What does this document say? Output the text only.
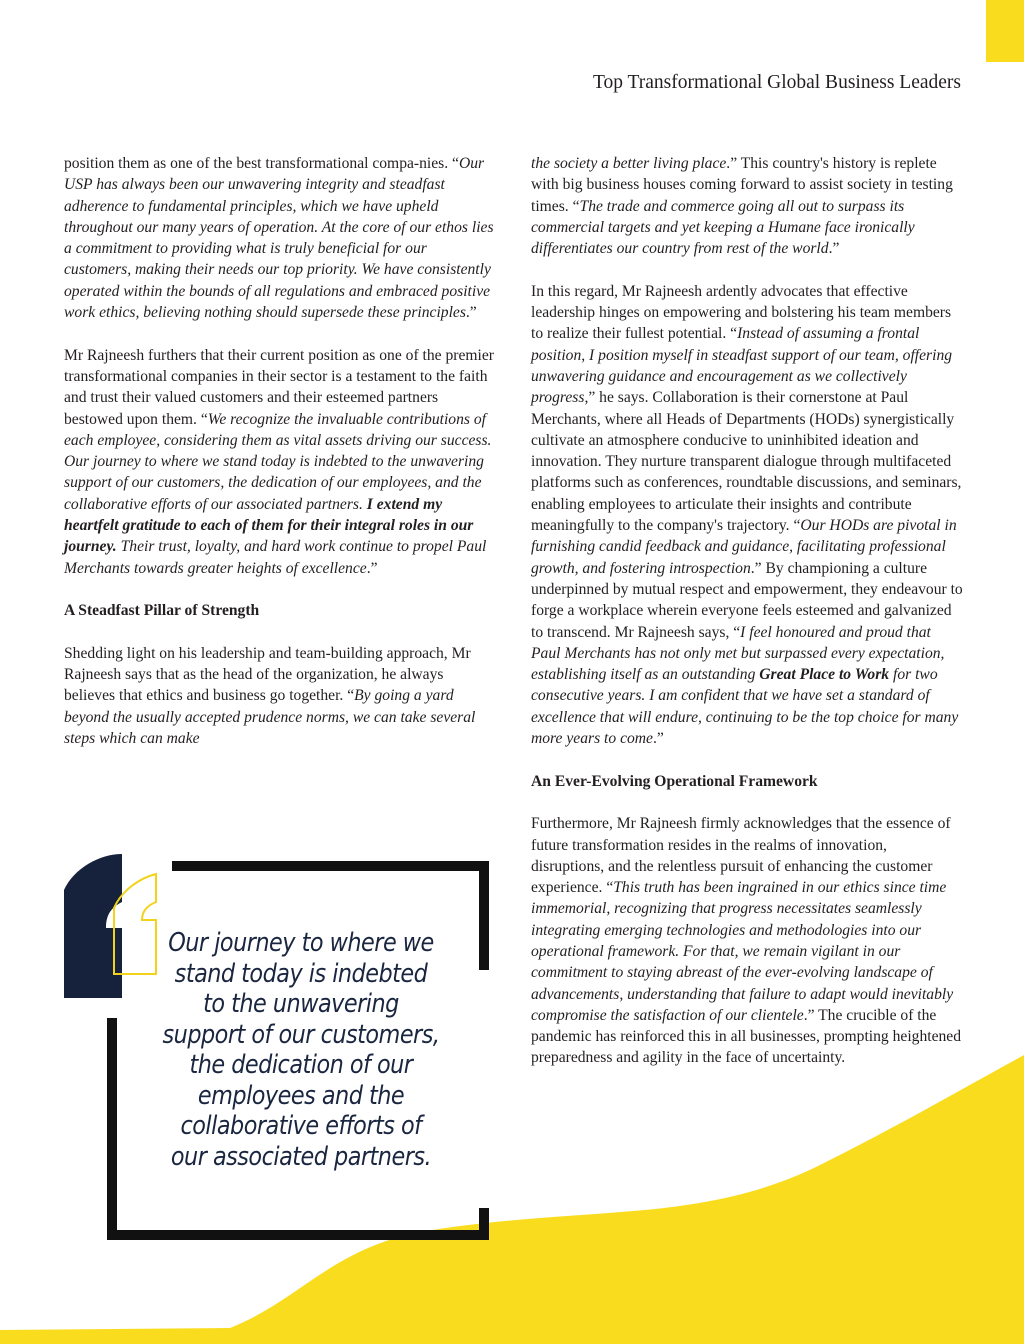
Top Transformational Global Business Leaders

position them as one of the best transformational compa-nies. “Our USP has always been our unwavering integrity and steadfast adherence to fundamental principles, which we have upheld throughout our many years of operation. At the core of our ethos lies a commitment to providing what is truly beneficial for our customers, making their needs our top priority. We have consistently operated within the bounds of all regulations and embraced positive work ethics, believing nothing should supersede these principles.”

Mr Rajneesh furthers that their current position as one of the premier transformational companies in their sector is a testament to the faith and trust their valued customers and their esteemed partners bestowed upon them. “We recognize the invaluable contributions of each employee, considering them as vital assets driving our success. Our journey to where we stand today is indebted to the unwavering support of our customers, the dedication of our employees, and the collaborative efforts of our associated partners. I extend my heartfelt gratitude to each of them for their integral roles in our journey. Their trust, loyalty, and hard work continue to propel Paul Merchants towards greater heights of excellence.”

A Steadfast Pillar of Strength

Shedding light on his leadership and team-building approach, Mr Rajneesh says that as the head of the organization, he always believes that ethics and business go together. “By going a yard beyond the usually accepted prudence norms, we can take several steps which can make

the society a better living place.” This country's history is replete with big business houses coming forward to assist society in testing times. “The trade and commerce going all out to surpass its commercial targets and yet keeping a Humane face ironically differentiates our country from rest of the world.”

In this regard, Mr Rajneesh ardently advocates that effective leadership hinges on empowering and bolstering his team members to realize their fullest potential. “Instead of assuming a frontal position, I position myself in steadfast support of our team, offering unwavering guidance and encouragement as we collectively progress,” he says. Collaboration is their cornerstone at Paul Merchants, where all Heads of Departments (HODs) synergistically cultivate an atmosphere conducive to uninhibited ideation and innovation. They nurture transparent dialogue through multifaceted platforms such as conferences, roundtable discussions, and seminars, enabling employees to articulate their insights and contribute meaningfully to the company's trajectory. “Our HODs are pivotal in furnishing candid feedback and guidance, facilitating professional growth, and fostering introspection.” By championing a culture underpinned by mutual respect and empowerment, they endeavour to forge a workplace wherein everyone feels esteemed and galvanized to transcend. Mr Rajneesh says, “I feel honoured and proud that Paul Merchants has not only met but surpassed every expectation, establishing itself as an outstanding Great Place to Work for two consecutive years. I am confident that we have set a standard of excellence that will endure, continuing to be the top choice for many more years to come.”

An Ever-Evolving Operational Framework

Furthermore, Mr Rajneesh firmly acknowledges that the essence of future transformation resides in the realms of innovation, disruptions, and the relentless pursuit of enhancing the customer experience. “This truth has been ingrained in our ethics since time immemorial, recognizing that progress necessitates seamlessly integrating emerging technologies and methodologies into our operational framework. For that, we remain vigilant in our commitment to staying abreast of the ever-evolving landscape of advancements, understanding that failure to adapt would inevitably compromise the satisfaction of our clientele.” The crucible of the pandemic has reinforced this in all businesses, prompting heightened preparedness and agility in the face of uncertainty.

Our journey to where we stand today is indebted to the unwavering support of our customers, the dedication of our employees and the collaborative efforts of our associated partners.
